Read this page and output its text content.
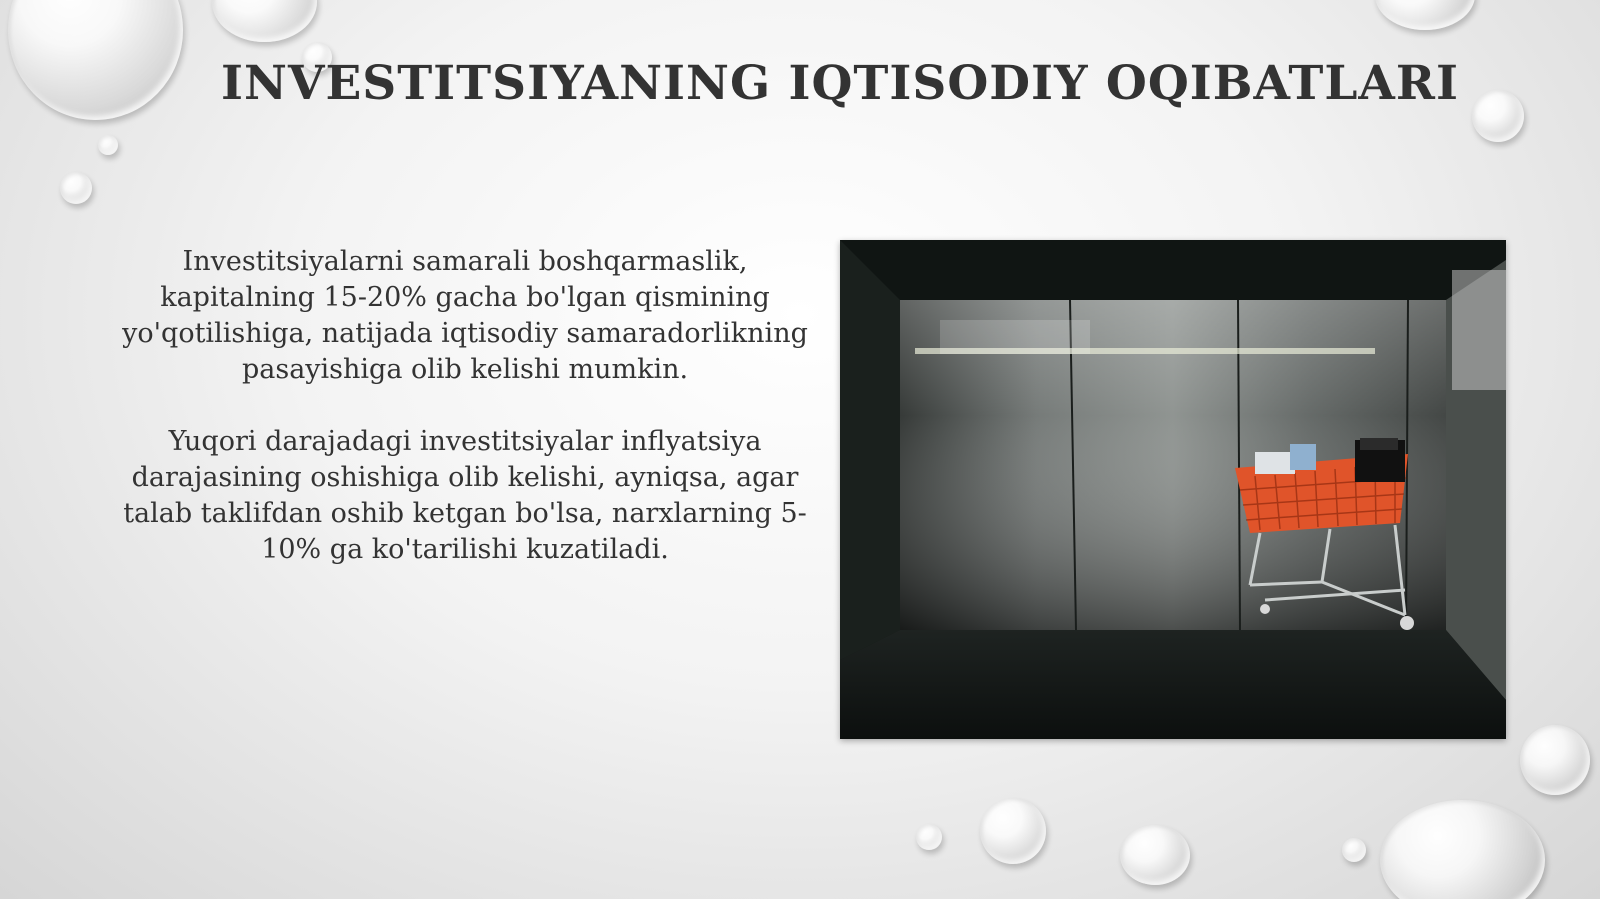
INVESTITSIYANING IQTISODIY OQIBATLARI

Investitsiyalarni samarali boshqarmaslik, kapitalning 15-20% gacha bo'lgan qismining yo'qotilishiga, natijada iqtisodiy samaradorlikning pasayishiga olib kelishi mumkin.

Yuqori darajadagi investitsiyalar inflyatsiya darajasining oshishiga olib kelishi, ayniqsa, agar talab taklifdan oshib ketgan bo'lsa, narxlarning 5-10% ga ko'tarilishi kuzatiladi.
